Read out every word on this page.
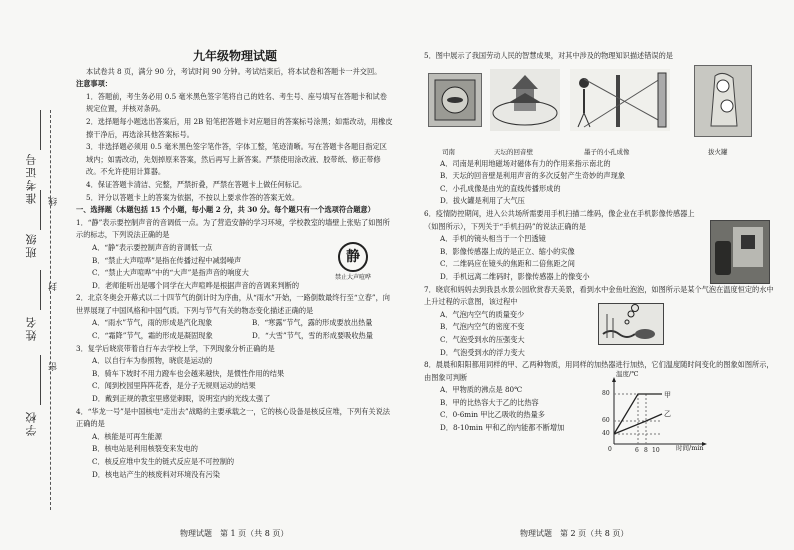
学校
姓名
班级
准考证号
密
封
线
九年级物理试题

本试卷共 8 页，满分 90 分，考试时间 90 分钟。考试结束后，将本试卷和答题卡一并交回。

注意事项：

1．答题前，考生务必用 0.5 毫米黑色签字笔将自己的姓名、考生号、座号填写在答题卡和试卷规定位置，并核对条码。

2．选择题每小题选出答案后，用 2B 铅笔把答题卡对应题目的答案标号涂黑；如需改动，用橡皮擦干净后，再选涂其他答案标号。

3．非选择题必须用 0.5 毫米黑色签字笔作答，字体工整，笔迹清晰。写在答题卡各题目指定区域内；如需改动，先划掉原来答案，然后再写上新答案。严禁使用涂改液、胶带纸、修正带修改。不允许使用计算器。

4．保证答题卡清洁、完整，严禁折叠，严禁在答题卡上做任何标记。

5．评分以答题卡上的答案为依据，不按以上要求作答的答案无效。

一、选择题（本题包括 15 个小题，每小题 2 分，共 30 分。每个题只有一个选项符合题意）

1．“静”表示要控制声音的音调低一点。为了营造安静的学习环境，学校教室的墙壁上张贴了如图所示的标志，下列说法正确的是

A．“静”表示要控制声音的音调低一点

B．“禁止大声喧哗”是指在传播过程中减弱噪声

C．“禁止大声喧哗”中的“大声”是指声音的响度大

D．老师能听出是哪个同学在大声喧哗是根据声音的音调来判断的

静
禁止大声喧哗

2．北京冬奥会开幕式以二十四节气的倒计时为序曲，从“雨水”开始，一路倒数最终行至“立春”，向世界展现了中国风格和中国气质。下列与节气有关的物态变化描述正确的是

A．“雨水”节气，雨的形成是汽化现象	B．“寒露”节气，露的形成要放出热量

C．“霜降”节气，霜的形成是凝固现象	D．“大雪”节气，雪的形成要吸收热量

3．复学后晓宸带着自行车去学校上学，下列现象分析正确的是

A．以自行车为参照物，晓宸是运动的

B．骑车下坡时不用力蹬车也会越来越快，是惯性作用的结果

C．闻到校园里阵阵花香，是分子无规则运动的结果

D．戴到正规的教室里感觉刺眼，说明室内的光线太强了

4．“华龙一号”是中国核电“走出去”战略的主要承载之一，它的核心设备是核反应堆，下列有关说法正确的是

A．核能是可再生能源

B．核电站是利用核裂变来发电的

C．核反应堆中发生的链式反应是不可控制的

D．核电站产生的核废料对环境没有污染

物理试题　第 1 页（共 8 页）

5．图中展示了我国劳动人民的智慧成果，对其中涉及的物理知识描述错误的是

司南	天坛的回音壁	墨子的小孔成像	拔火罐

A．司南是利用地磁场对磁体有力的作用来指示南北的

B．天坛的回音壁是利用声音的多次反射产生奇妙的声现象

C．小孔成像是由光的直线传播形成的

D．拔火罐是利用了大气压

6．疫情防控期间，进入公共场所需要用手机扫描二维码，像企业在手机影像传感器上（如图所示），下列关于“手机扫码”的说法正确的是

A．手机的镜头相当于一个凹透镜

B．影像传感器上成的是正立、缩小的实像

C．二维码应在镜头的焦距和二倍焦距之间

D．手机远离二维码时，影像传感器上的像变小

7．晓宸和妈妈去到我县水景公园欣赏春天美景，看到水中金鱼吐泡泡，如图所示是某个气泡在温度恒定的水中上升过程的示意图，该过程中

A．气泡内空气的质量变少

B．气泡内空气的密度不变

C．气泡受到水的压强变大

D．气泡受到水的浮力变大

8．晨晨和阳阳都用同样的甲、乙两种物质，用同样的加热器进行加热，它们温度随时间变化的图象如图所示，由图象可判断

A．甲物质的沸点是 80℃

B．甲的比热容大于乙的比热容

C．0-6min 甲比乙吸收的热量多

D．8-10min 甲和乙的内能都不断增加

温度/℃
时间/min
80
60
40
0	6 8 10
甲
乙
物理试题　第 2 页（共 8 页）
